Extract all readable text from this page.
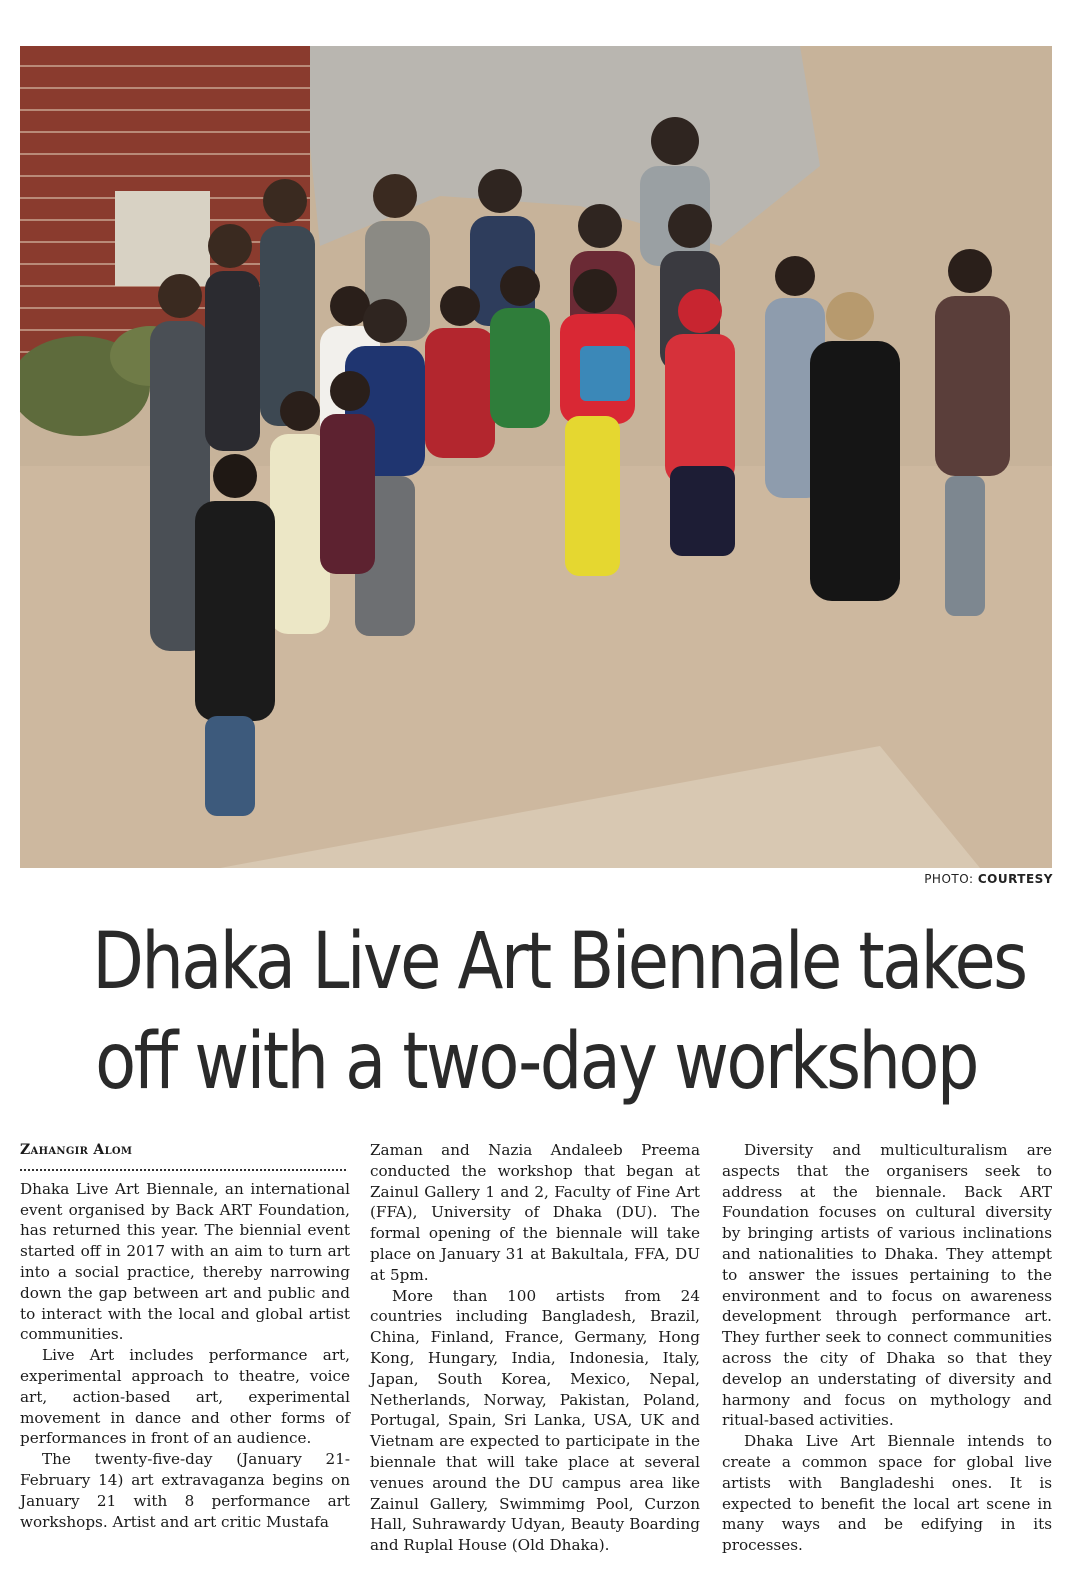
PHOTO: COURTESY
Dhaka Live Art Biennale takes
off with a two-day workshop
Zahangir Alom

Dhaka Live Art Biennale, an international event organised by Back ART Foundation, has returned this year. The biennial event started off in 2017 with an aim to turn art into a social practice, thereby narrowing down the gap between art and public and to interact with the local and global artist communities.

Live Art includes performance art, experimental approach to theatre, voice art, action-based art, experimental movement in dance and other forms of performances in front of an audience.

The twenty-five-day (January 21-February 14) art extravaganza begins on January 21 with 8 performance art workshops. Artist and art critic Mustafa

Zaman and Nazia Andaleeb Preema conducted the workshop that began at Zainul Gallery 1 and 2, Faculty of Fine Art (FFA), University of Dhaka (DU). The formal opening of the biennale will take place on January 31 at Bakultala, FFA, DU at 5pm.

More than 100 artists from 24 countries including Bangladesh, Brazil, China, Finland, France, Germany, Hong Kong, Hungary, India, Indonesia, Italy, Japan, South Korea, Mexico, Nepal, Netherlands, Norway, Pakistan, Poland, Portugal, Spain, Sri Lanka, USA, UK and Vietnam are expected to participate in the biennale that will take place at several venues around the DU campus area like Zainul Gallery, Swimmimg Pool, Curzon Hall, Suhrawardy Udyan, Beauty Boarding and Ruplal House (Old Dhaka).

Diversity and multiculturalism are aspects that the organisers seek to address at the biennale. Back ART Foundation focuses on cultural diversity by bringing artists of various inclinations and nationalities to Dhaka. They attempt to answer the issues pertaining to the environment and to focus on awareness development through performance art. They further seek to connect communities across the city of Dhaka so that they develop an understating of diversity and harmony and focus on mythology and ritual-based activities.

Dhaka Live Art Biennale intends to create a common space for global live artists with Bangladeshi ones. It is expected to benefit the local art scene in many ways and be edifying in its processes.
